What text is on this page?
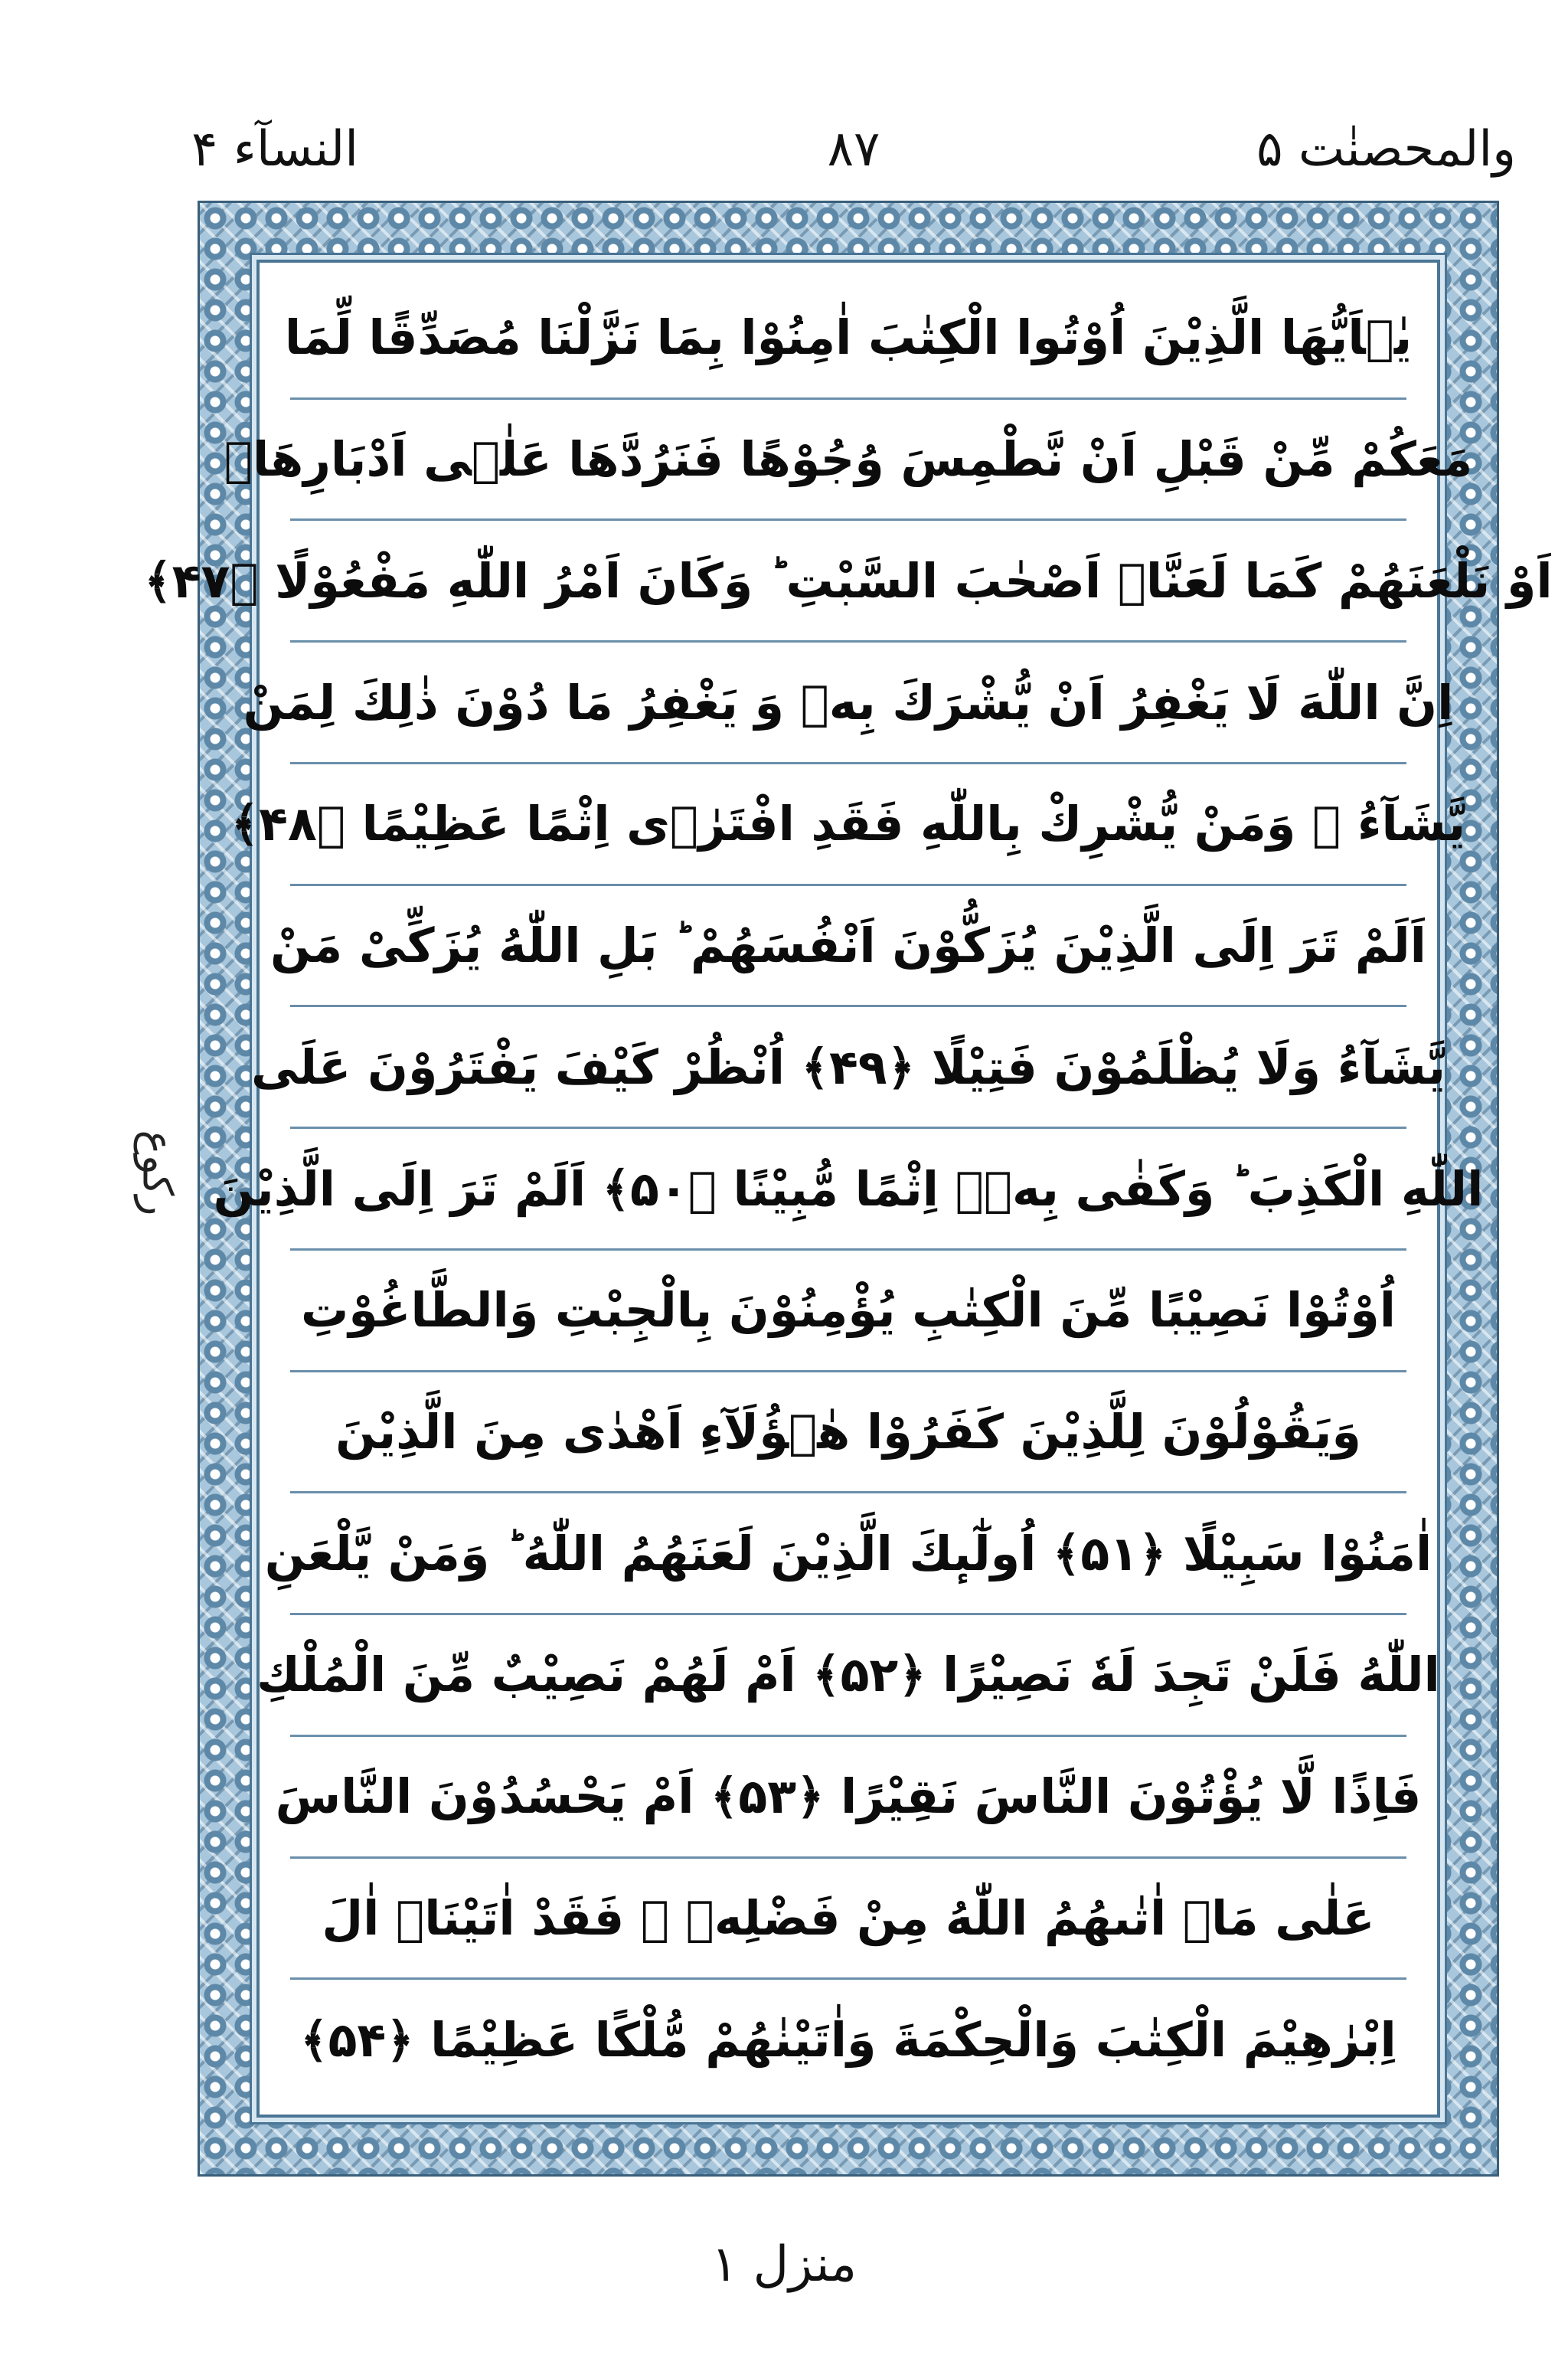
والمحصنٰت ۵
۸۷
النسآء ۴
رکوع
یٰۤاَیُّهَا الَّذِیْنَ اُوْتُوا الْكِتٰبَ اٰمِنُوْا بِمَا نَزَّلْنَا مُصَدِّقًا لِّمَا
مَعَكُمْ مِّنْ قَبْلِ اَنْ نَّطْمِسَ وُجُوْهًا فَنَرُدَّهَا عَلٰۤى اَدْبَارِهَاۤ
اَوْ نَلْعَنَهُمْ كَمَا لَعَنَّاۤ اَصْحٰبَ السَّبْتِ ؕ وَكَانَ اَمْرُ اللّٰهِ مَفْعُوْلًا ﴿۴۷﴾
اِنَّ اللّٰهَ لَا یَغْفِرُ اَنْ یُّشْرَكَ بِهٖ وَ یَغْفِرُ مَا دُوْنَ ذٰلِكَ لِمَنْ
یَّشَآءُ ۚ وَمَنْ یُّشْرِكْ بِاللّٰهِ فَقَدِ افْتَرٰۤى اِثْمًا عَظِیْمًا ﴿۴۸﴾
اَلَمْ تَرَ اِلَى الَّذِیْنَ یُزَكُّوْنَ اَنْفُسَهُمْ ؕ بَلِ اللّٰهُ یُزَكِّیْ مَنْ
یَّشَآءُ وَلَا یُظْلَمُوْنَ فَتِیْلًا ﴿۴۹﴾ اُنْظُرْ كَیْفَ یَفْتَرُوْنَ عَلَى
اللّٰهِ الْكَذِبَ ؕ وَكَفٰى بِهٖۤ اِثْمًا مُّبِیْنًا ﴿۵۰﴾ اَلَمْ تَرَ اِلَى الَّذِیْنَ
اُوْتُوْا نَصِیْبًا مِّنَ الْكِتٰبِ یُؤْمِنُوْنَ بِالْجِبْتِ وَالطَّاغُوْتِ
وَیَقُوْلُوْنَ لِلَّذِیْنَ كَفَرُوْا هٰۤؤُلَآءِ اَهْدٰى مِنَ الَّذِیْنَ
اٰمَنُوْا سَبِیْلًا ﴿۵۱﴾ اُولٰٓىٕكَ الَّذِیْنَ لَعَنَهُمُ اللّٰهُ ؕ وَمَنْ یَّلْعَنِ
اللّٰهُ فَلَنْ تَجِدَ لَهٗ نَصِیْرًا ﴿۵۲﴾ اَمْ لَهُمْ نَصِیْبٌ مِّنَ الْمُلْكِ
فَاِذًا لَّا یُؤْتُوْنَ النَّاسَ نَقِیْرًا ﴿۵۳﴾ اَمْ یَحْسُدُوْنَ النَّاسَ
عَلٰى مَاۤ اٰتٰىهُمُ اللّٰهُ مِنْ فَضْلِهٖ ۚ فَقَدْ اٰتَیْنَاۤ اٰلَ
اِبْرٰهِیْمَ الْكِتٰبَ وَالْحِكْمَةَ وَاٰتَیْنٰهُمْ مُّلْكًا عَظِیْمًا ﴿۵۴﴾
منزل ۱
